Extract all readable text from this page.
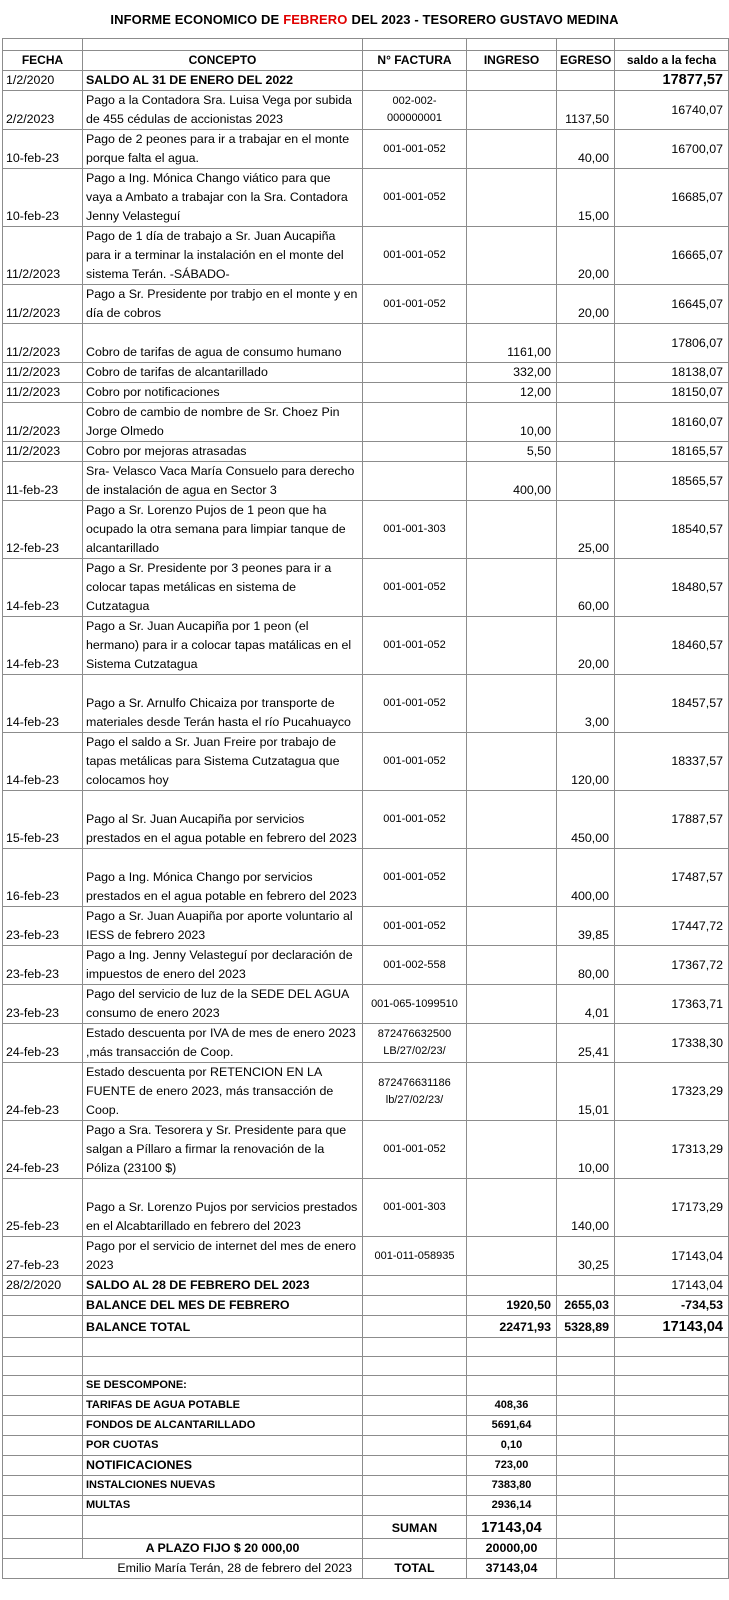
INFORME ECONOMICO DE FEBRERO DEL 2023 - TESORERO GUSTAVO MEDINA

FECHA	CONCEPTO	N° FACTURA	INGRESO	EGRESO	saldo a la fecha
1/2/2020	SALDO AL 31 DE ENERO DEL 2022				17877,57
2/2/2023	Pago a la Contadora Sra. Luisa Vega por subida de 455 cédulas de accionistas 2023	002-002-000000001		1137,50	16740,07
10-feb-23	Pago de 2 peones para ir a trabajar en el monte porque falta el agua.	001-001-052		40,00	16700,07
10-feb-23	Pago a Ing. Mónica Chango viático para que vaya a Ambato a trabajar con la Sra. Contadora Jenny Velasteguí	001-001-052		15,00	16685,07
11/2/2023	Pago de 1 día de trabajo a Sr. Juan Aucapiña para ir a terminar la instalación en el monte del sistema Terán. -SÁBADO-	001-001-052		20,00	16665,07
11/2/2023	Pago a Sr. Presidente por trabjo en el monte y en día de cobros	001-001-052		20,00	16645,07
11/2/2023	Cobro de tarifas de agua de consumo humano		1161,00		17806,07
11/2/2023	Cobro de tarifas de alcantarillado		332,00		18138,07
11/2/2023	Cobro por notificaciones		12,00		18150,07
11/2/2023	Cobro de cambio de nombre de Sr. Choez Pin Jorge Olmedo		10,00		18160,07
11/2/2023	Cobro por mejoras atrasadas		5,50		18165,57
11-feb-23	Sra- Velasco Vaca María Consuelo para derecho de instalación de agua en Sector 3		400,00		18565,57
12-feb-23	Pago a Sr. Lorenzo Pujos de 1 peon que ha ocupado la otra semana para limpiar tanque de alcantarillado	001-001-303		25,00	18540,57
14-feb-23	Pago a Sr. Presidente por 3 peones para ir a colocar tapas metálicas en sistema de Cutzatagua	001-001-052		60,00	18480,57
14-feb-23	Pago a Sr. Juan Aucapiña por 1 peon (el hermano) para ir a colocar tapas matálicas en el Sistema Cutzatagua	001-001-052		20,00	18460,57
14-feb-23	Pago a Sr. Arnulfo Chicaiza por transporte de materiales desde Terán hasta el río Pucahuayco	001-001-052		3,00	18457,57
14-feb-23	Pago el saldo a Sr. Juan Freire por trabajo de tapas metálicas para Sistema Cutzatagua que colocamos hoy	001-001-052		120,00	18337,57
15-feb-23	Pago al Sr. Juan Aucapiña por servicios prestados en el agua potable en febrero del 2023	001-001-052		450,00	17887,57
16-feb-23	Pago a Ing. Mónica Chango por servicios prestados en el agua potable en febrero del 2023	001-001-052		400,00	17487,57
23-feb-23	Pago a Sr. Juan Auapiña por aporte voluntario al IESS de febrero 2023	001-001-052		39,85	17447,72
23-feb-23	Pago a Ing. Jenny Velasteguí por declaración de impuestos de enero del 2023	001-002-558		80,00	17367,72
23-feb-23	Pago del servicio de luz de la SEDE DEL AGUA consumo de enero 2023	001-065-1099510		4,01	17363,71
24-feb-23	Estado descuenta por IVA de mes de enero 2023 ,más transacción de Coop.	872476632500 LB/27/02/23/		25,41	17338,30
24-feb-23	Estado descuenta por RETENCION EN LA FUENTE de enero 2023, más transacción de Coop.	872476631186 lb/27/02/23/		15,01	17323,29
24-feb-23	Pago a Sra. Tesorera y Sr. Presidente para que salgan a Píllaro a firmar la renovación de la Póliza (23100 $)	001-001-052		10,00	17313,29
25-feb-23	Pago a Sr. Lorenzo Pujos por servicios prestados en el Alcabtarillado en febrero del 2023	001-001-303		140,00	17173,29
27-feb-23	Pago por el servicio de internet del mes de enero 2023	001-011-058935		30,25	17143,04
28/2/2020	SALDO AL 28 DE FEBRERO DEL 2023				17143,04
	BALANCE DEL MES DE FEBRERO		1920,50	2655,03	-734,53
	BALANCE TOTAL		22471,93	5328,89	17143,04

	SE DESCOMPONE:				
	TARIFAS DE AGUA POTABLE		408,36		
	FONDOS DE ALCANTARILLADO		5691,64		
	POR CUOTAS		0,10		
	NOTIFICACIONES		723,00		
	INSTALCIONES NUEVAS		7383,80		
	MULTAS		2936,14		
		SUMAN	17143,04		
	A PLAZO FIJO $ 20 000,00		20000,00		
Emilio María Terán, 28 de febrero del 2023		TOTAL	37143,04		
